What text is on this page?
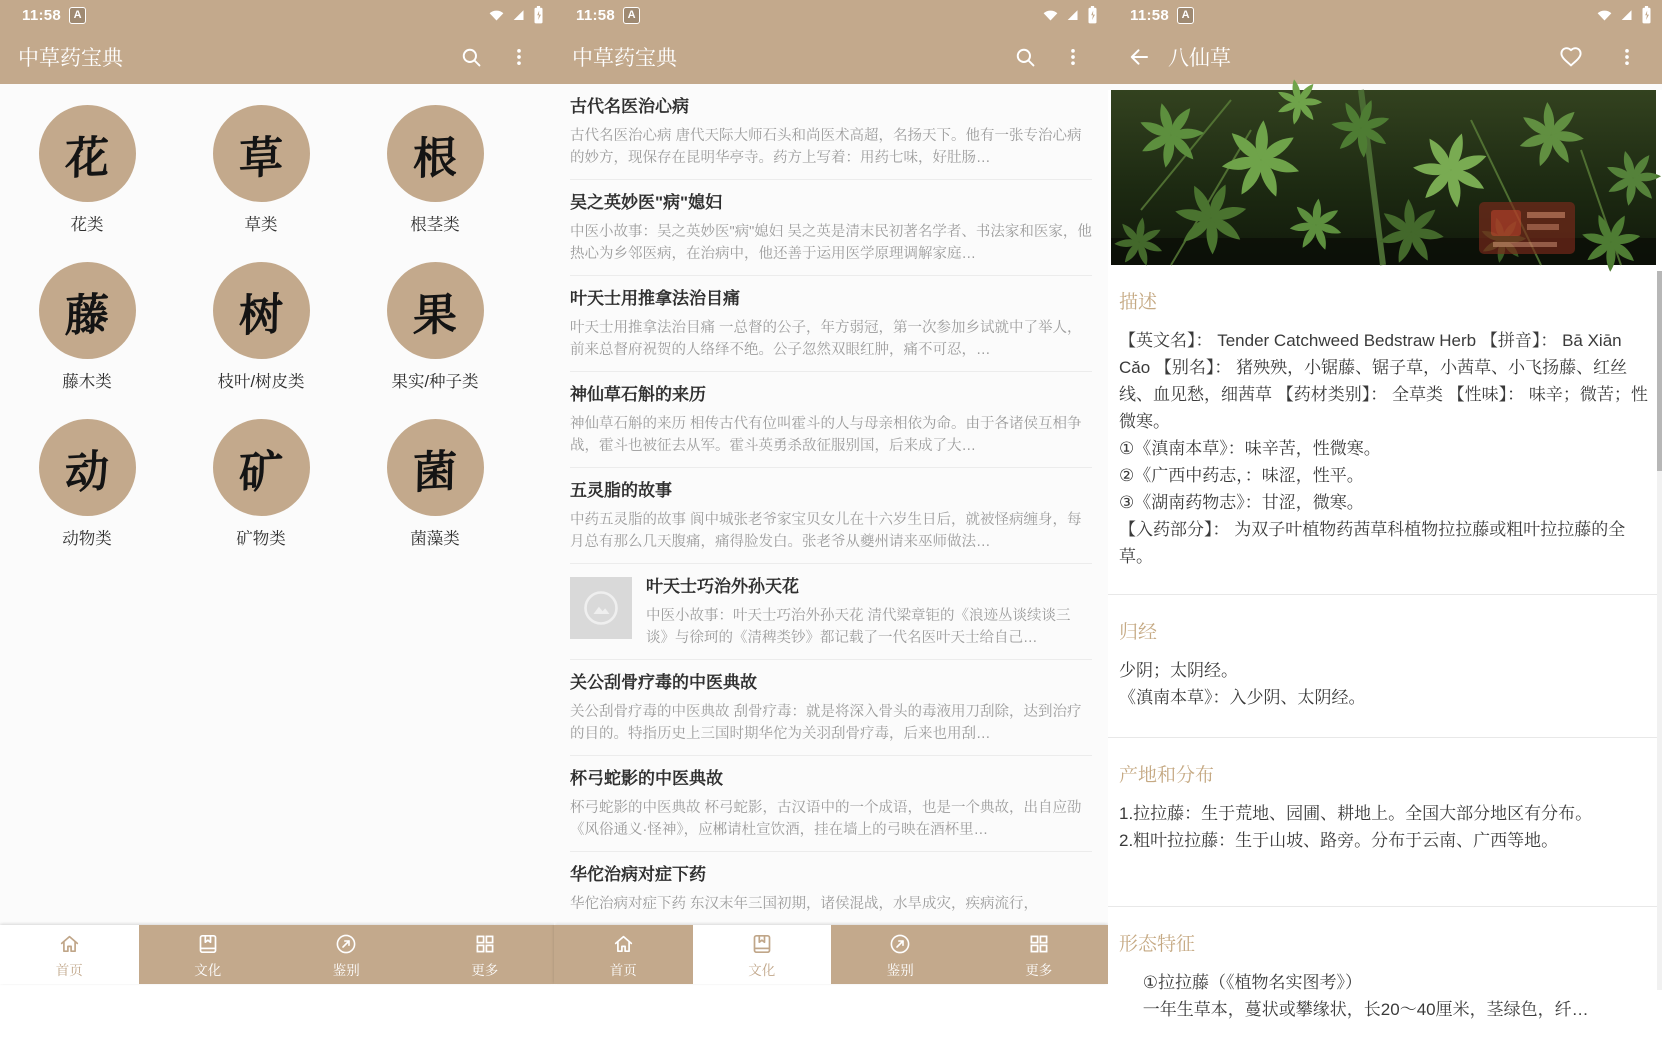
11:58	A
中草药宝典
花
花类
草
草类
根
根茎类
藤
藤木类
树
枝叶/树皮类
果
果实/种子类
动
动物类
矿
矿物类
菌
菌藻类
首页	文化	鉴别	更多
11:58	A
中草药宝典
古代名医治心病
古代名医治心病 唐代天际大师石头和尚医术高超，名扬天下。他有一张专治心病的妙方，现保存在昆明华亭寺。药方上写着：用药七味，好肚肠…
吴之英妙医"病"媳妇
中医小故事：吴之英妙医"病"媳妇 吴之英是清末民初著名学者、书法家和医家，他热心为乡邻医病，在治病中，他还善于运用医学原理调解家庭…
叶天士用推拿法治目痛
叶天士用推拿法治目痛 一总督的公子，年方弱冠，第一次参加乡试就中了举人，前来总督府祝贺的人络绎不绝。公子忽然双眼红肿，痛不可忍，…
神仙草石斛的来历
神仙草石斛的来历 相传古代有位叫霍斗的人与母亲相依为命。由于各诸侯互相争战，霍斗也被征去从军。霍斗英勇杀敌征服别国，后来成了大…
五灵脂的故事
中药五灵脂的故事 阆中城张老爷家宝贝女儿在十六岁生日后，就被怪病缠身，每月总有那么几天腹痛，痛得脸发白。张老爷从夔州请来巫师做法…
叶天士巧治外孙天花
中医小故事：叶天士巧治外孙天花 清代梁章钜的《浪迹丛谈续谈三谈》与徐珂的《清稗类钞》都记载了一代名医叶天士给自己…
关公刮骨疗毒的中医典故
关公刮骨疗毒的中医典故 刮骨疗毒：就是将深入骨头的毒液用刀刮除，达到治疗的目的。特指历史上三国时期华佗为关羽刮骨疗毒，后来也用刮…
杯弓蛇影的中医典故
杯弓蛇影的中医典故 杯弓蛇影，古汉语中的一个成语，也是一个典故，出自应劭《风俗通义·怪神》，应郴请杜宣饮酒，挂在墙上的弓映在酒杯里…
华佗治病对症下药
华佗治病对症下药 东汉末年三国初期，诸侯混战，水旱成灾，疾病流行，
首页	文化	鉴别	更多
11:58	A
八仙草
描述
【英文名】： Tender Catchweed Bedstraw Herb 【拼音】： Bā Xiān Cǎo 【别名】： 猪殃殃，小锯藤、锯子草，小茜草、小飞扬藤、红丝线、血见愁，细茜草 【药材类别】： 全草类 【性味】： 味辛；微苦；性微寒。
①《滇南本草》：味辛苦，性微寒。
②《广西中药志，：味涩，性平。
③《湖南药物志》：甘涩，微寒。
【入药部分】： 为双子叶植物药茜草科植物拉拉藤或粗叶拉拉藤的全草。
归经
少阴；太阴经。
《滇南本草》：入少阴、太阴经。
产地和分布
1.拉拉藤：生于荒地、园圃、耕地上。全国大部分地区有分布。
2.粗叶拉拉藤：生于山坡、路旁。分布于云南、广西等地。
形态特征
①拉拉藤（《植物名实图考》）
一年生草本，蔓状或攀缘状，长20～40厘米，茎绿色，纤…
